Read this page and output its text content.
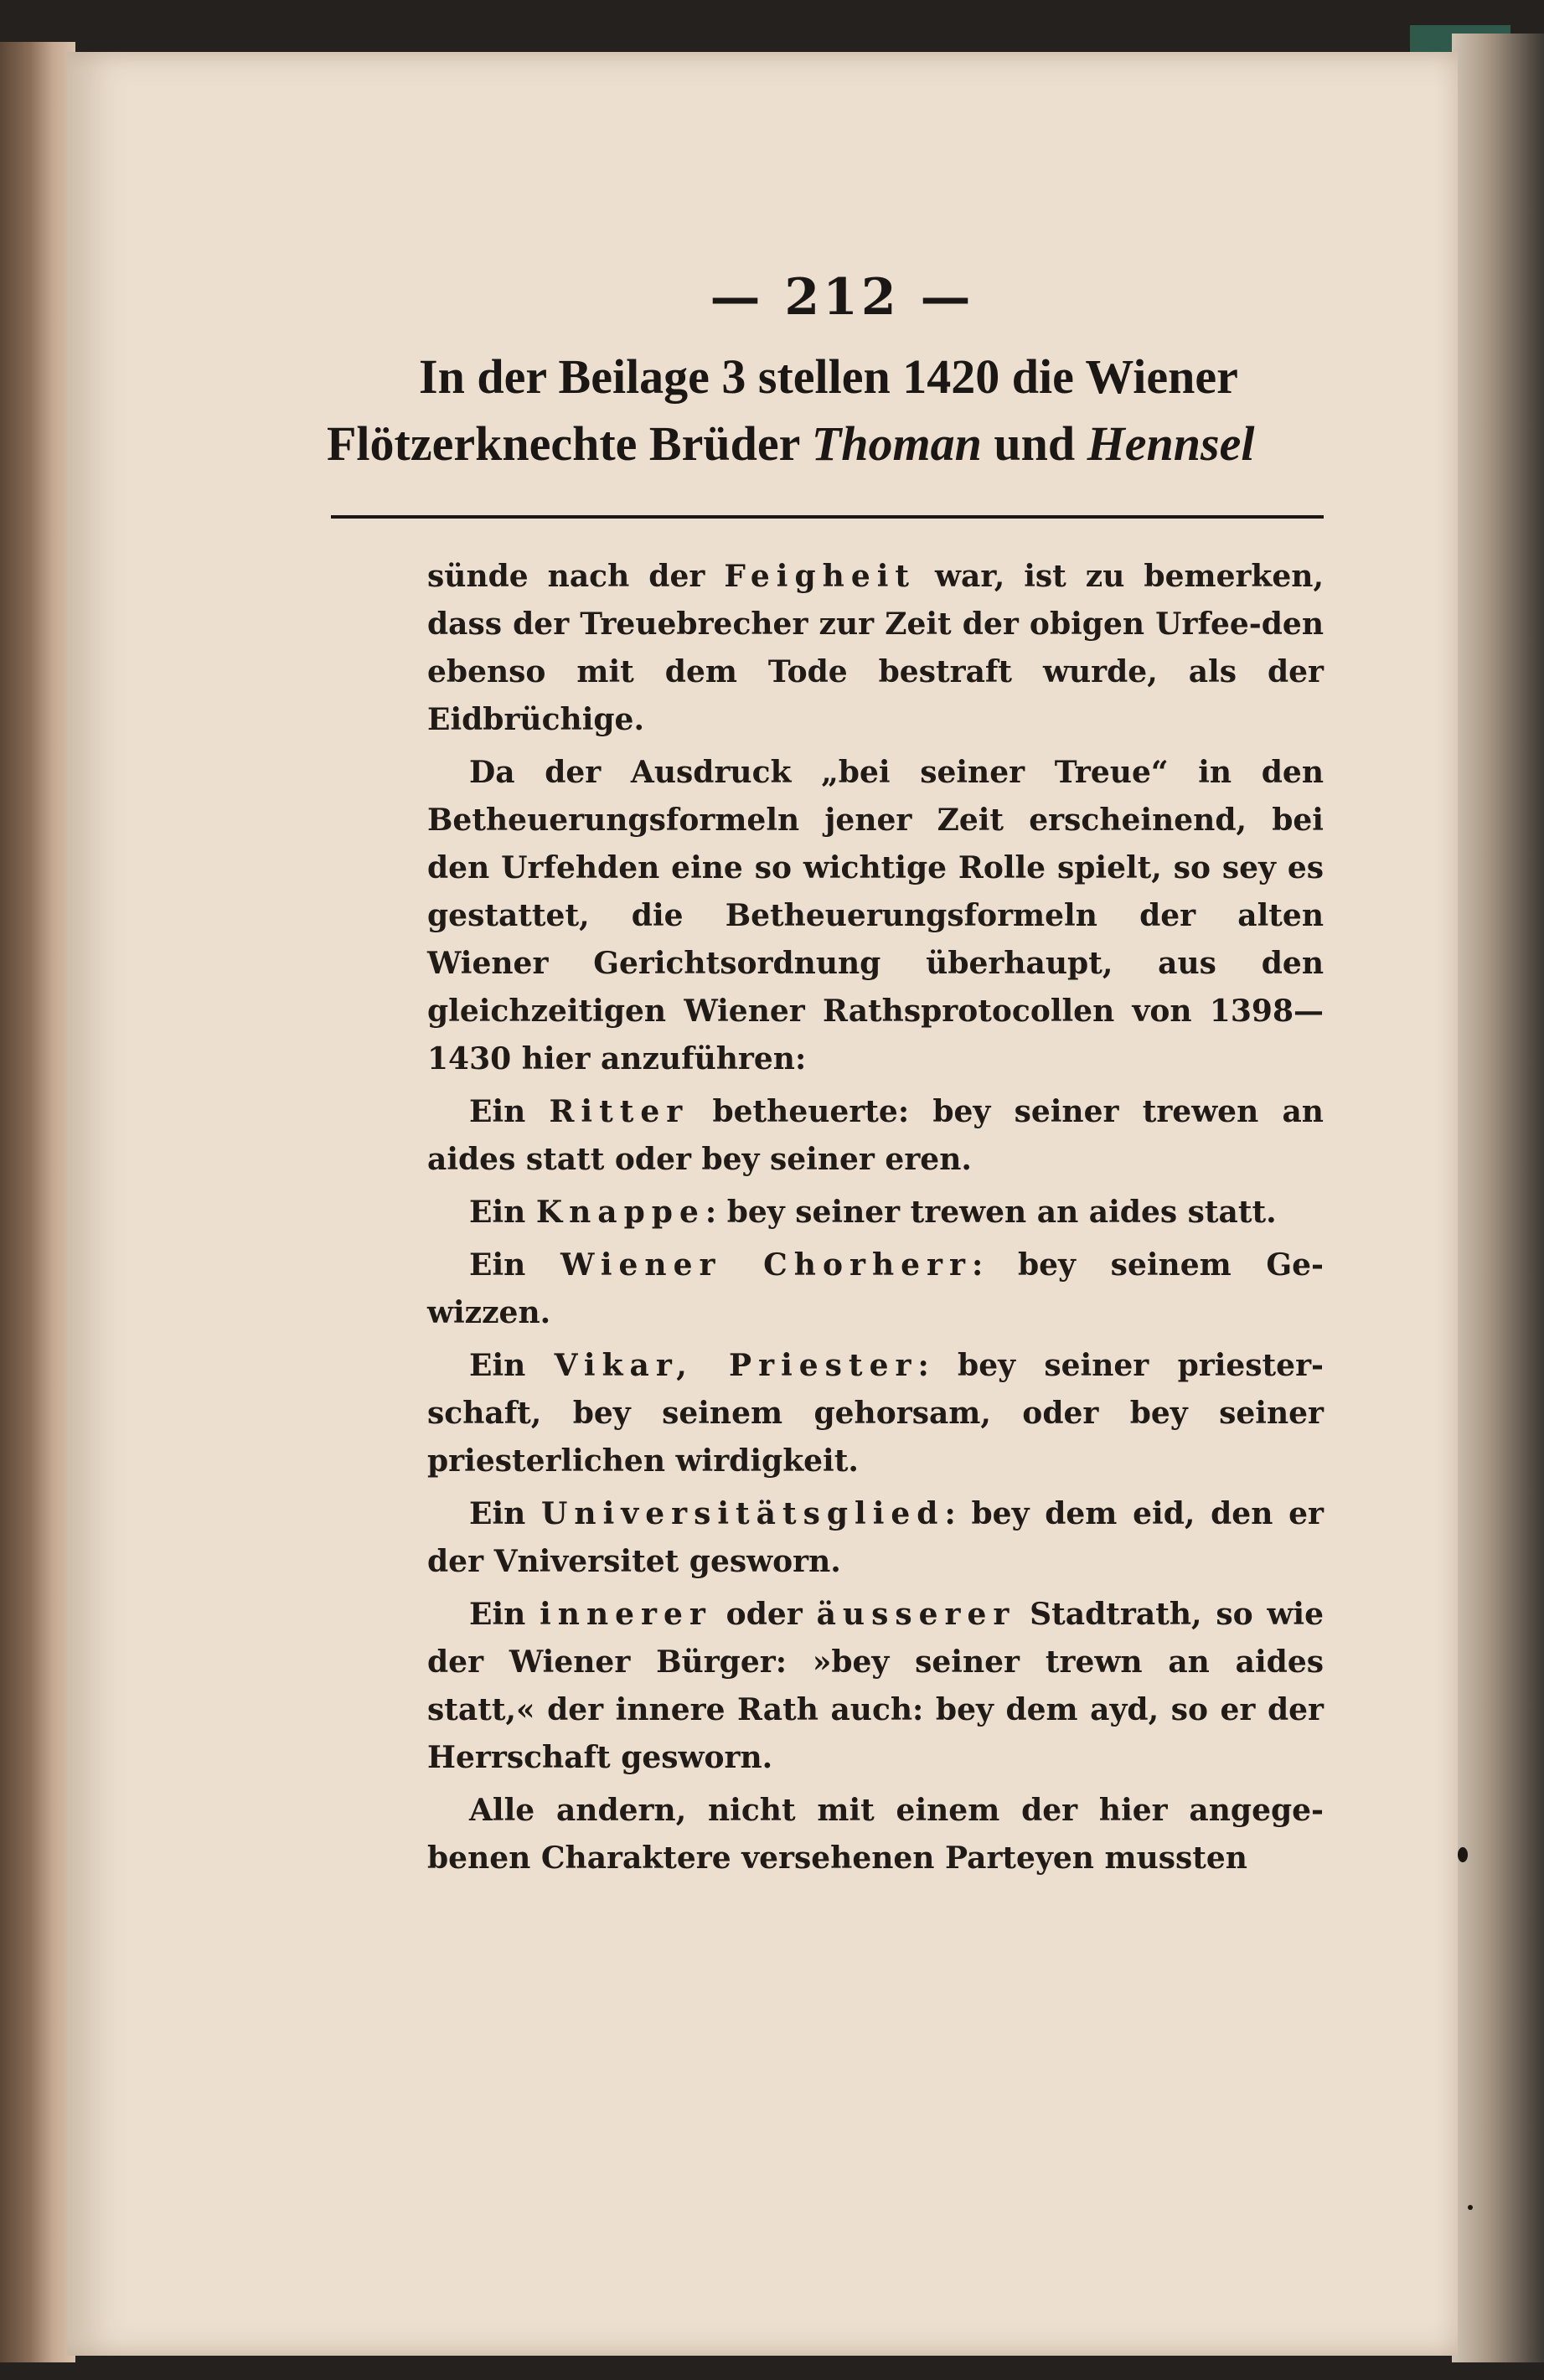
— 212 —
In der Beilage 3 stellen 1420 die Wiener
Flötzerknechte Brüder Thoman und Hennsel

sünde nach der Feigheit war, ist zu bemerken, dass der Treuebrecher zur Zeit der obigen Urfee-den ebenso mit dem Tode bestraft wurde, als der Eidbrüchige.

Da der Ausdruck „bei seiner Treue“ in den Betheuerungsformeln jener Zeit erscheinend, bei den Urfehden eine so wichtige Rolle spielt, so sey es gestattet, die Betheuerungsformeln der alten Wiener Gerichtsordnung überhaupt, aus den gleichzeitigen Wiener Rathsprotocollen von 1398—1430 hier anzuführen:

Ein Ritter betheuerte: bey seiner trewen an aides statt oder bey seiner eren.

Ein Knappe: bey seiner trewen an aides statt.

Ein Wiener Chorherr: bey seinem Ge-wizzen.

Ein Vikar, Priester: bey seiner priester-schaft, bey seinem gehorsam, oder bey seiner priesterlichen wirdigkeit.

Ein Universitätsglied: bey dem eid, den er der Vniversitet gesworn.

Ein innerer oder äusserer Stadtrath, so wie der Wiener Bürger: »bey seiner trewn an aides statt,« der innere Rath auch: bey dem ayd, so er der Herrschaft gesworn.

Alle andern, nicht mit einem der hier angege-benen Charaktere versehenen Parteyen mussten
